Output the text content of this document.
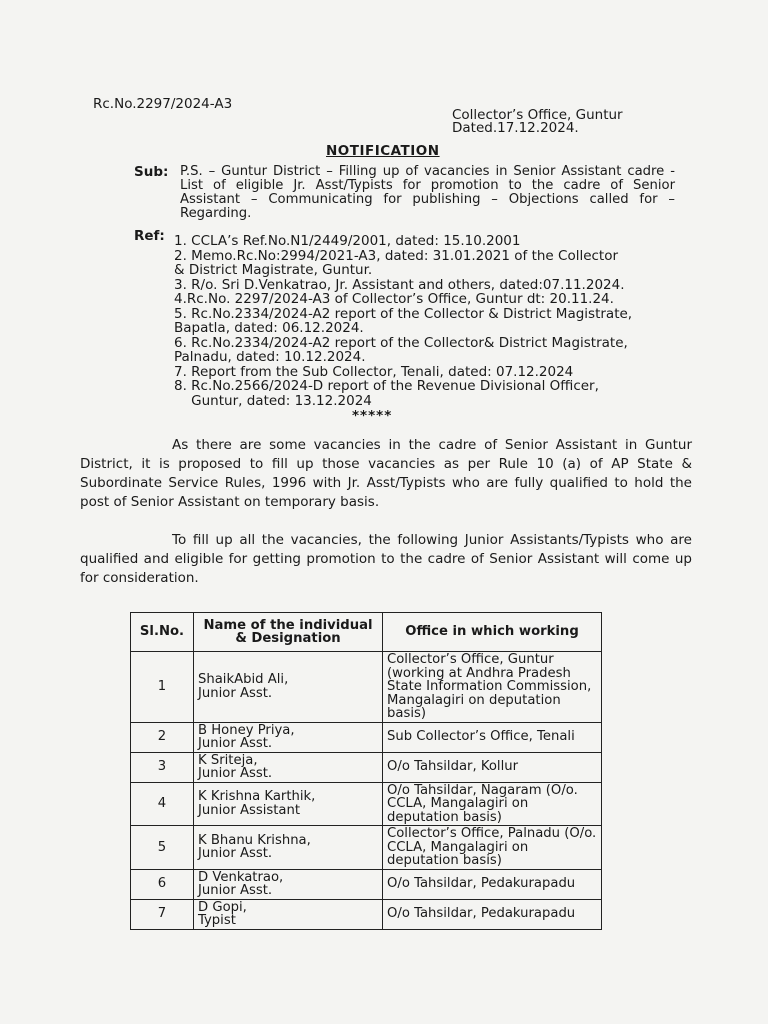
Rc.No.2297/2024-A3
Collector’s Office, Guntur
Dated.17.12.2024.
NOTIFICATION
Sub: P.S. – Guntur District – Filling up of vacancies in Senior Assistant cadre - List of eligible Jr. Asst/Typists for promotion to the cadre of Senior Assistant – Communicating for publishing – Objections called for – Regarding.
Ref: 1. CCLA’s Ref.No.N1/2449/2001, dated: 15.10.2001
2. Memo.Rc.No:2994/2021-A3, dated: 31.01.2021 of the Collector
& District Magistrate, Guntur.
3. R/o. Sri D.Venkatrao, Jr. Assistant and others, dated:07.11.2024.
4.Rc.No. 2297/2024-A3 of Collector’s Office, Guntur dt: 20.11.24.
5. Rc.No.2334/2024-A2 report of the Collector & District Magistrate,
Bapatla, dated: 06.12.2024.
6. Rc.No.2334/2024-A2 report of the Collector& District Magistrate,
Palnadu, dated: 10.12.2024.
7. Report from the Sub Collector, Tenali, dated: 07.12.2024
8. Rc.No.2566/2024-D report of the Revenue Divisional Officer,
Guntur, dated: 13.12.2024
*****
As there are some vacancies in the cadre of Senior Assistant in Guntur District, it is proposed to fill up those vacancies as per Rule 10 (a) of AP State & Subordinate Service Rules, 1996 with Jr. Asst/Typists who are fully qualified to hold the post of Senior Assistant on temporary basis.
To fill up all the vacancies, the following Junior Assistants/Typists who are qualified and eligible for getting promotion to the cadre of Senior Assistant will come up for consideration.
Sl.No.	Name of the individual & Designation	Office in which working
1	ShaikAbid Ali,
Junior Asst.	Collector’s Office, Guntur (working at Andhra Pradesh State Information Commission, Mangalagiri on deputation basis)
2	B Honey Priya,
Junior Asst.	Sub Collector’s Office, Tenali
3	K Sriteja,
Junior Asst.	O/o Tahsildar, Kollur
4	K Krishna Karthik,
Junior Assistant	O/o Tahsildar, Nagaram (O/o. CCLA, Mangalagiri on deputation basis)
5	K Bhanu Krishna,
Junior Asst.	Collector’s Office, Palnadu (O/o. CCLA, Mangalagiri on deputation basis)
6	D Venkatrao,
Junior Asst.	O/o Tahsildar, Pedakurapadu
7	D Gopi,
Typist	O/o Tahsildar, Pedakurapadu
